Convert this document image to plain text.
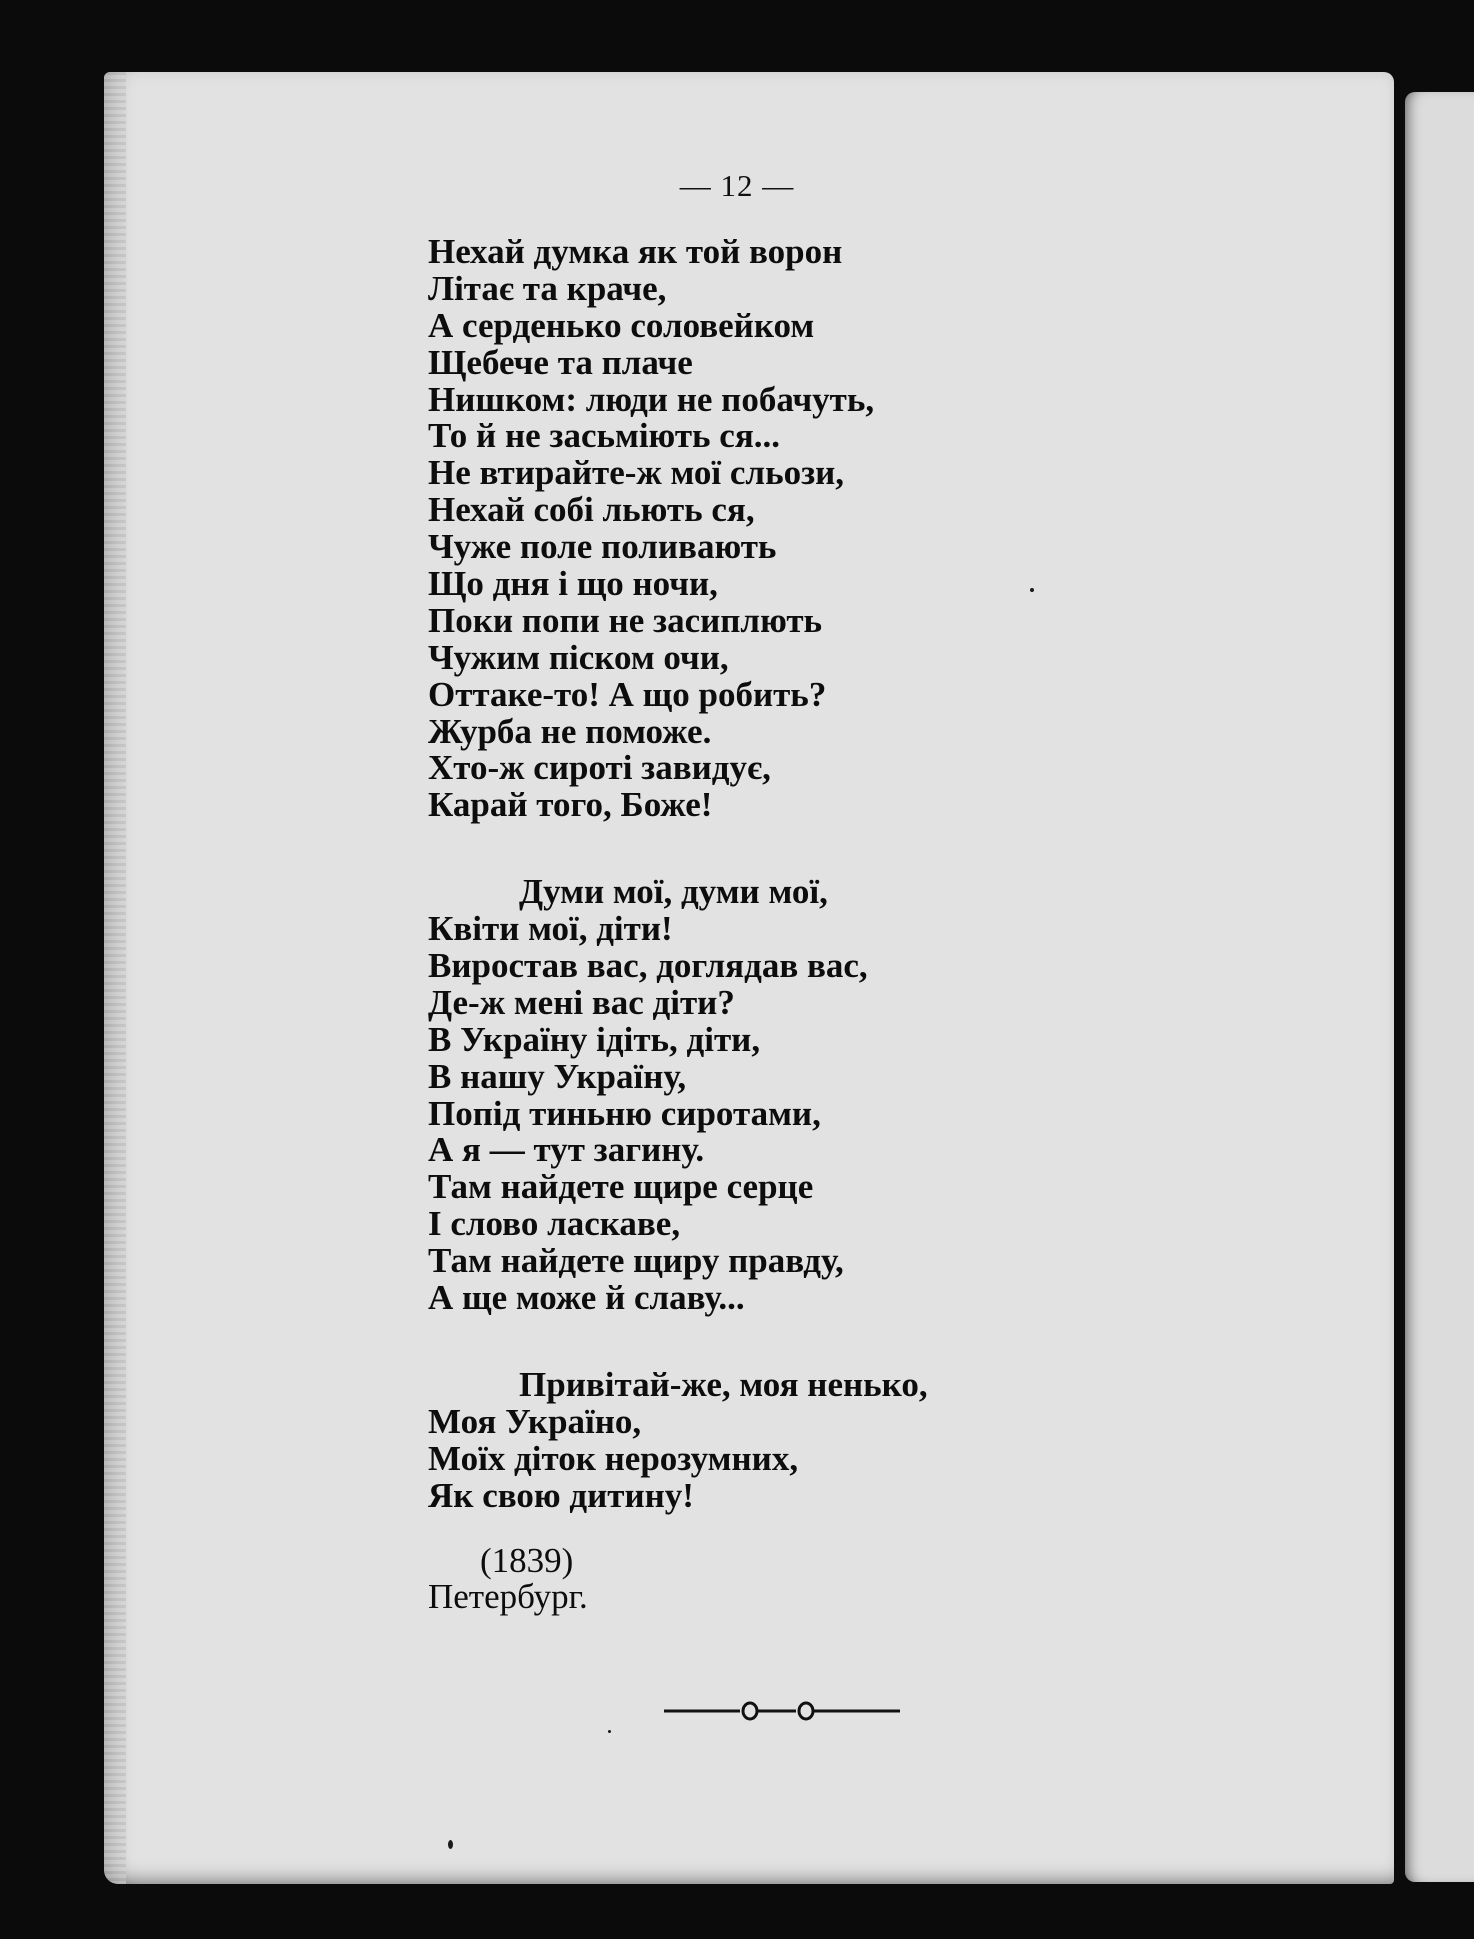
— 12 —
Нехай думка як той ворон
Літає та краче,
А серденько соловейком
Щебече та плаче
Нишком: люди не побачуть,
То й не засьміють ся...
Не втирайте-ж мої сльози,
Нехай собі льють ся,
Чуже поле поливають
Що дня і що ночи,
Поки попи не засиплють
Чужим піском очи,
Оттаке-то! А що робить?
Журба не поможе.
Хто-ж сироті завидує,
Карай того, Боже!
Думи мої, думи мої,
Квіти мої, діти!
Виростав вас, доглядав вас,
Де-ж мені вас діти?
В Україну ідіть, діти,
В нашу Україну,
Попід тиньню сиротами,
А я — тут загину.
Там найдете щире серце
І слово ласкаве,
Там найдете щиру правду,
А ще може й славу...
Привітай-же, моя ненько,
Моя Україно,
Моїх діток нерозумних,
Як свою дитину!
(1839)
Петербург.
